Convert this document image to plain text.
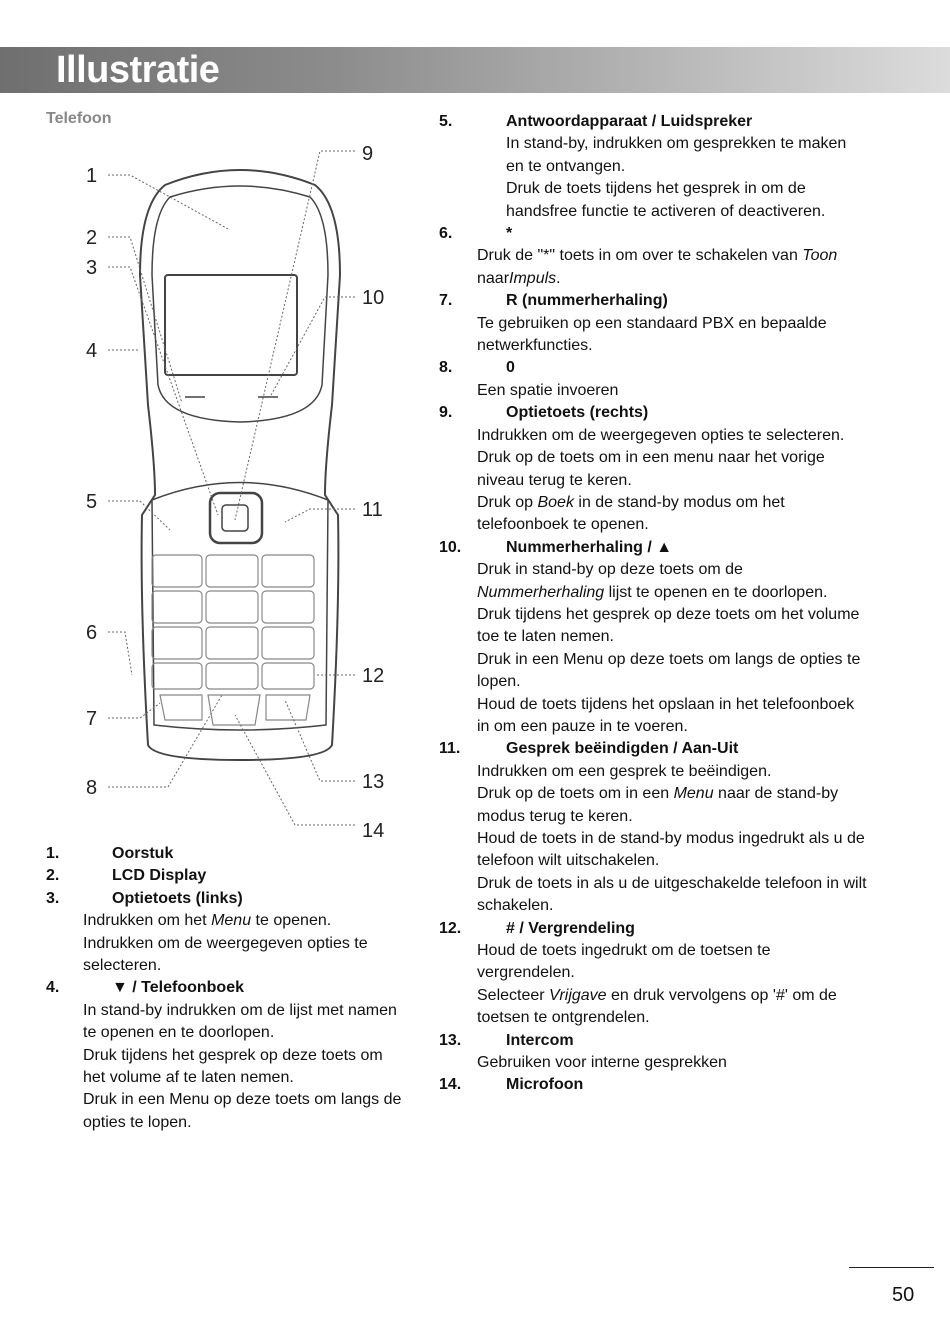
Illustratie
Telefoon
1
2
3
4
5
6
7
8
9
10
11
12
13
14
1.	Oorstuk
2.	LCD Display
3.	Optietoets (links)
Indrukken om het Menu te openen.
Indrukken om de weergegeven opties te
selecteren.
4.	▼ / Telefoonboek
In stand-by indrukken om de lijst met namen
te openen en te doorlopen.
Druk tijdens het gesprek op deze toets om
het volume af te laten nemen.
Druk in een Menu op deze toets om langs de
opties te lopen.
5.	Antwoordapparaat / Luidspreker
In stand-by, indrukken om gesprekken te maken
en te ontvangen.
Druk de toets tijdens het gesprek in om de
handsfree functie te activeren of deactiveren.
6.	*
Druk de "*" toets in om over te schakelen van Toon
naarImpuls.
7.	R (nummerherhaling)
Te gebruiken op een standaard PBX en bepaalde
netwerkfuncties.
8.	0
Een spatie invoeren
9.	Optietoets (rechts)
Indrukken om de weergegeven opties te selecteren.
Druk op de toets om in een menu naar het vorige
niveau terug te keren.
Druk op Boek in de stand-by modus om het
telefoonboek te openen.
10.	Nummerherhaling / ▲
Druk in stand-by op deze toets om de
Nummerherhaling lijst te openen en te doorlopen.
Druk tijdens het gesprek op deze toets om het volume
toe te laten nemen.
Druk in een Menu op deze toets om langs de opties te
lopen.
Houd de toets tijdens het opslaan in het telefoonboek
in om een pauze in te voeren.
11.	Gesprek beëindigden / Aan-Uit
Indrukken om een gesprek te beëindigen.
Druk op de toets om in een Menu naar de stand-by
modus terug te keren.
Houd de toets in de stand-by modus ingedrukt als u de
telefoon wilt uitschakelen.
Druk de toets in als u de uitgeschakelde telefoon in wilt
schakelen.
12.	# / Vergrendeling
Houd de toets ingedrukt om de toetsen te
vergrendelen.
Selecteer Vrijgave en druk vervolgens op '#' om de
toetsen te ontgrendelen.
13.	Intercom
Gebruiken voor interne gesprekken
14.	Microfoon
50
